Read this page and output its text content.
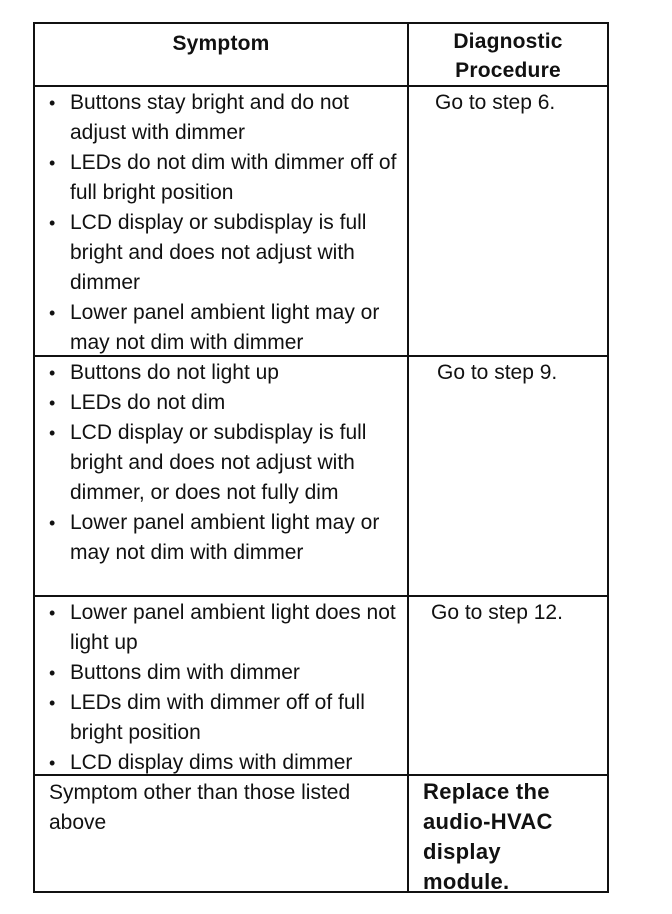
Symptom	Diagnostic
Procedure
• Buttons stay bright and do not adjust with dimmer
• LEDs do not dim with dimmer off of full bright position
• LCD display or subdisplay is full bright and does not adjust with dimmer
• Lower panel ambient light may or may not dim with dimmer
Go to step 6.
• Buttons do not light up
• LEDs do not dim
• LCD display or subdisplay is full bright and does not adjust with dimmer, or does not fully dim
• Lower panel ambient light may or may not dim with dimmer
Go to step 9.
• Lower panel ambient light does not light up
• Buttons dim with dimmer
• LEDs dim with dimmer off of full bright position
• LCD display dims with dimmer
Go to step 12.
Symptom other than those listed above
Replace the audio-HVAC display module.
